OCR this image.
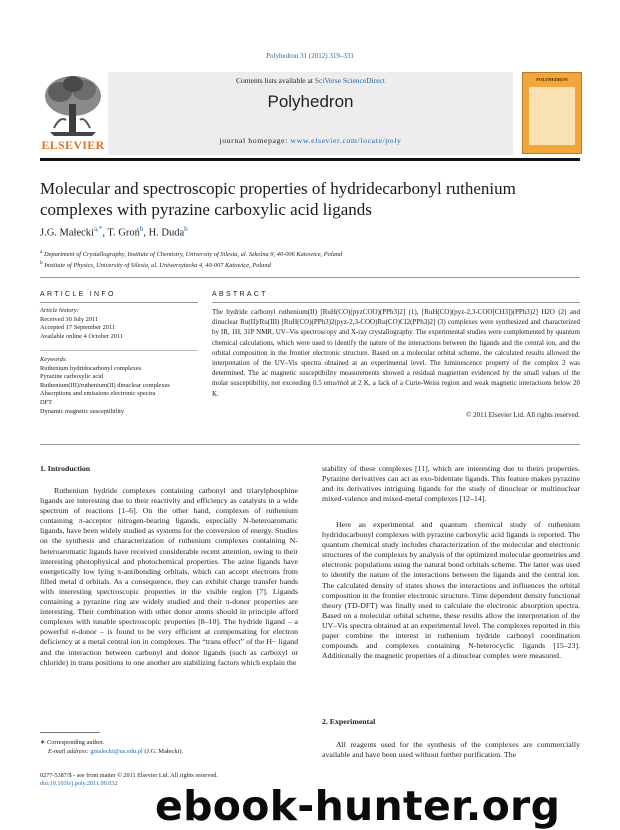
Polyhedron 31 (2012) 319–331
Contents lists available at SciVerse ScienceDirect
Polyhedron
journal homepage: www.elsevier.com/locate/poly
ELSEVIER
POLYHEDRON
Molecular and spectroscopic properties of hydridecarbonyl ruthenium
complexes with pyrazine carboxylic acid ligands
J.G. Małecki$^{a,*}$, T. Groń$^b$, H. Duda$^b$
$^a$ Department of Crystallography, Institute of Chemistry, University of Silesia, ul. Szkolna 9, 40-006 Katowice, Poland
$^b$ Institute of Physics, University of Silesia, ul. Uniwersytecka 4, 40-007 Katowice, Poland
ARTICLE INFO
Article history:
Received 30 July 2011
Accepted 17 September 2011
Available online 4 October 2011
Keywords:
Ruthenium hydridocarbonyl complexes
Pyrazine carboxylic acid
Ruthenium(III)/ruthenium(II) dinuclear complexes
Absorptions and emissions electronic spectra
DFT
Dynamic magnetic susceptibility
ABSTRACT
The hydride carbonyl ruthenium(II) [RuH(CO)(pyzCOO)(PPh3)2] (1), [RuH(CO)(pyz-2,3-COO[CH3])(PPh3)2] H2O (2) and dinuclear Ru(II)/Ru(III) [RuH(CO)(PPh3)2(pyz-2,3-COO)Ru(CO)Cl2(PPh3)2] (3) complexes were synthesized and characterized by IR, 1H, 31P NMR, UV–Vis spectroscopy and X-ray crystallography. The experimental studies were complemented by quantum chemical calculations, which were used to identify the nature of the interactions between the ligands and the central ion, and the orbital composition in the frontier electronic structure. Based on a molecular orbital scheme, the calculated results allowed the interpretation of the UV–Vis spectra obtained at an experimental level. The luminescence property of the complex 2 was determined. The ac magnetic susceptibility measurements showed a residual magnetism evidenced by the small values of the molar susceptibility, not exceeding 0.5 emu/mol at 2 K, a lack of a Curie-Weiss region and weak magnetic interactions below 20 K.
© 2011 Elsevier Ltd. All rights reserved.
1. Introduction
Ruthenium hydride complexes containing carbonyl and triarylphosphine ligands are interesting due to their reactivity and efficiency as catalysts in a wide spectrum of reactions [1–6]. On the other hand, complexes of ruthenium containing π-acceptor nitrogen-bearing ligands, especially N-heteroaromatic ligands, have been widely studied as systems for the conversion of energy. Studies on the synthesis and characterization of ruthenium complexes containing N-heteroaromatic ligands have received considerable recent attention, owing to their interesting photophysical and photochemical properties. The azine ligands have energetically low lying π-antibonding orbitals, which can accept electrons from filled metal d orbitals. As a consequence, they can exhibit charge transfer bands with interesting spectroscopic properties in the visible region [7]. Ligands containing a pyrazine ring are widely studied and their π-donor properties are interesting. Their combination with other donor atoms should in principle afford complexes with tunable spectroscopic properties [8–10]. The hydride ligand – a powerful σ-donor – is found to be very efficient at compensating for electron deficiency at a metal central ion in complexes. The “trans effect” of the H− ligand and the interaction between carbonyl and donor ligands (such as carboxyl or chloride) in trans positions to one another are stabilizing factors which explain the
stability of these complexes [11], which are interesting due to theirs properties. Pyrazine derivatives can act as exo-bidentate ligands. This feature makes pyrazine and its derivatives intriguing ligands for the study of dinuclear or multinuclear mixed-valence and mixed-metal complexes [12–14].
Here an experimental and quantum chemical study of ruthenium hydridocarbonyl complexes with pyrazine carboxylic acid ligands is reported. The quantum chemical study includes characterization of the molecular and electronic structures of the complexes by analysis of the optimized molecular geometries and electronic populations using the natural bond orbitals scheme. The latter was used to identify the nature of the interactions between the ligands and the central ion. The calculated density of states shows the interactions and influences the orbital composition in the frontier electronic structure. Time dependent density functional theory (TD-DFT) was finally used to calculate the electronic absorption spectra. Based on a molecular orbital scheme, these results allow the interpretation of the UV–Vis spectra obtained at an experimental level. The complexes reported in this paper combine the interest in ruthenium hydride carbonyl coordination compounds and complexes containing N-heterocyclic ligands [15–23]. Additionally the magnetic properties of a dinuclear complex were measured.
2. Experimental
All reagents used for the synthesis of the complexes are commercially available and have been used without further purification. The
∗ Corresponding author.
E-mail address: gmalecki@us.edu.pl (J.G. Małecki).
0277-5387/$ - see front matter © 2011 Elsevier Ltd. All rights reserved.
doi:10.1016/j.poly.2011.09.032 ebook-hunter.org
